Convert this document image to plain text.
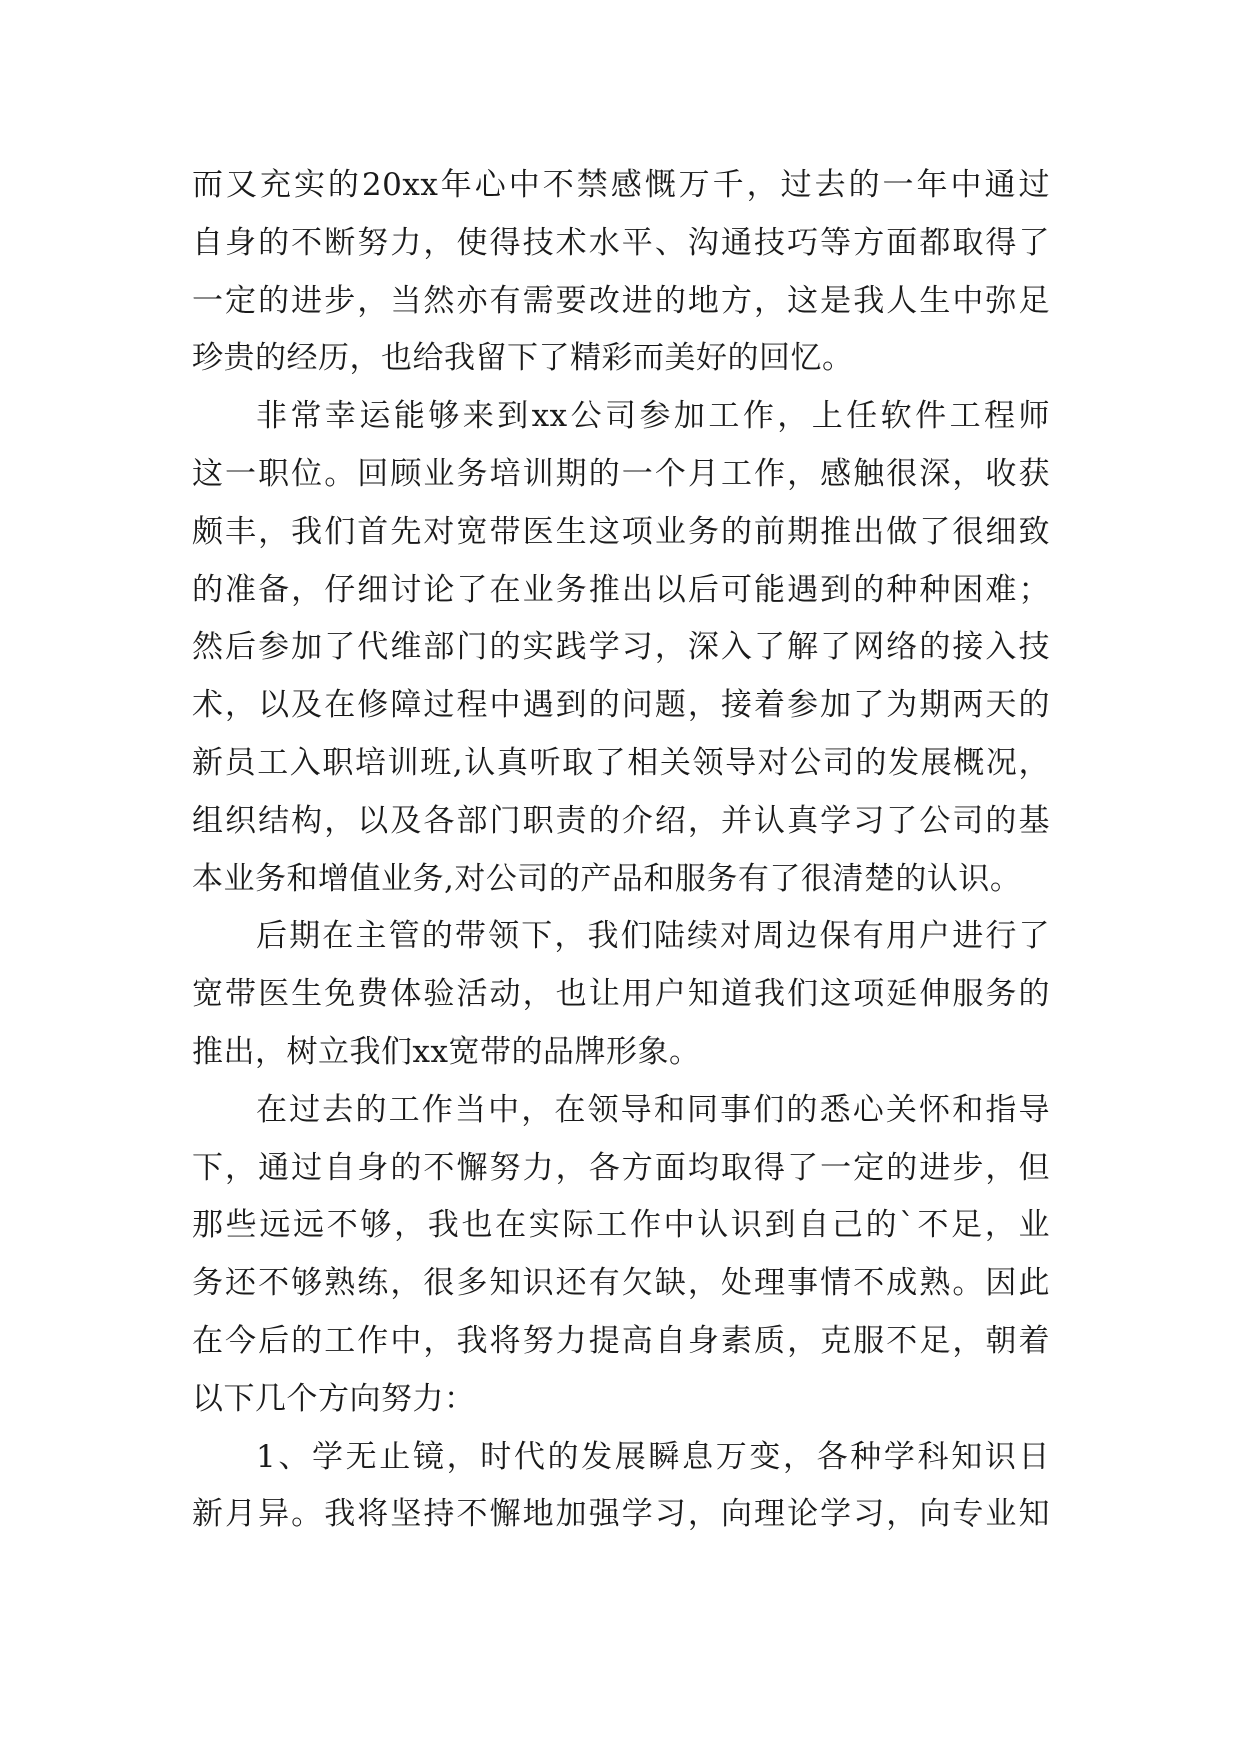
而又充实的20xx年心中不禁感慨万千，过去的一年中通过
自身的不断努力，使得技术水平、沟通技巧等方面都取得了
一定的进步，当然亦有需要改进的地方，这是我人生中弥足
珍贵的经历，也给我留下了精彩而美好的回忆。
非常幸运能够来到xx公司参加工作，上任软件工程师
这一职位。回顾业务培训期的一个月工作，感触很深，收获
颇丰，我们首先对宽带医生这项业务的前期推出做了很细致
的准备，仔细讨论了在业务推出以后可能遇到的种种困难；
然后参加了代维部门的实践学习，深入了解了网络的接入技
术，以及在修障过程中遇到的问题，接着参加了为期两天的
新员工入职培训班,认真听取了相关领导对公司的发展概况，
组织结构，以及各部门职责的介绍，并认真学习了公司的基
本业务和增值业务,对公司的产品和服务有了很清楚的认识。
后期在主管的带领下，我们陆续对周边保有用户进行了
宽带医生免费体验活动，也让用户知道我们这项延伸服务的
推出，树立我们xx宽带的品牌形象。
在过去的工作当中，在领导和同事们的悉心关怀和指导
下，通过自身的不懈努力，各方面均取得了一定的进步，但
那些远远不够，我也在实际工作中认识到自己的`不足，业
务还不够熟练，很多知识还有欠缺，处理事情不成熟。因此
在今后的工作中，我将努力提高自身素质，克服不足，朝着
以下几个方向努力：
1、学无止镜，时代的发展瞬息万变，各种学科知识日
新月异。我将坚持不懈地加强学习，向理论学习，向专业知
